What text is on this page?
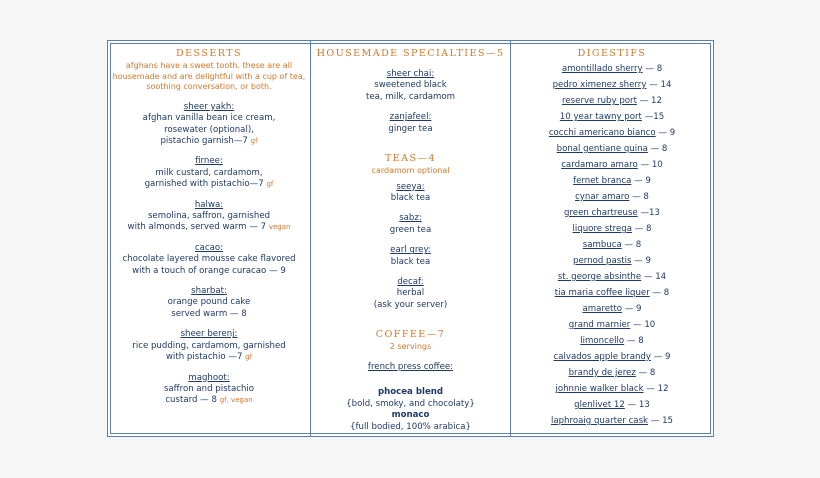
DESSERTS
afghans have a sweet tooth. these are all housemade and are delightful with a cup of tea, soothing conversation, or both.
sheer yakh:
afghan vanilla bean ice cream,
rosewater (optional),
pistachio garnish—7 gf
firnee:
milk custard, cardamom,
garnished with pistachio—7 gf
halwa:
semolina, saffron, garnished
with almonds, served warm — 7 vegan
cacao:
chocolate layered mousse cake flavored
with a touch of orange curacao — 9
sharbat:
orange pound cake
served warm — 8
sheer berenj:
rice pudding, cardamom, garnished
with pistachio —7 gf
maghoot:
saffron and pistachio
custard — 8 gf, vegan
HOUSEMADE SPECIALTIES—5
sheer chai:
sweetened black
tea, milk, cardamom
zanjafeel:
ginger tea
TEAS—4
cardamom optional
seeya:
black tea
sabz:
green tea
earl grey:
black tea
decaf:
herbal
(ask your server)
COFFEE—7
2 servings
french press coffee:
phocea blend
{bold, smoky, and chocolaty}
monaco
{full bodied, 100% arabica}
DIGESTIFS
amontillado sherry — 8
pedro ximenez sherry — 14
reserve ruby port — 12
10 year tawny port —15
cocchi americano bianco — 9
bonal gentiane quina — 8
cardamaro amaro — 10
fernet branca — 9
cynar amaro — 8
green chartreuse —13
liquore strega — 8
sambuca — 8
pernod pastis — 9
st. george absinthe — 14
tia maria coffee liquer — 8
amaretto — 9
grand marnier — 10
limoncello — 8
calvados apple brandy — 9
brandy de jerez — 8
johnnie walker black — 12
glenlivet 12 — 13
laphroaig quarter cask — 15
